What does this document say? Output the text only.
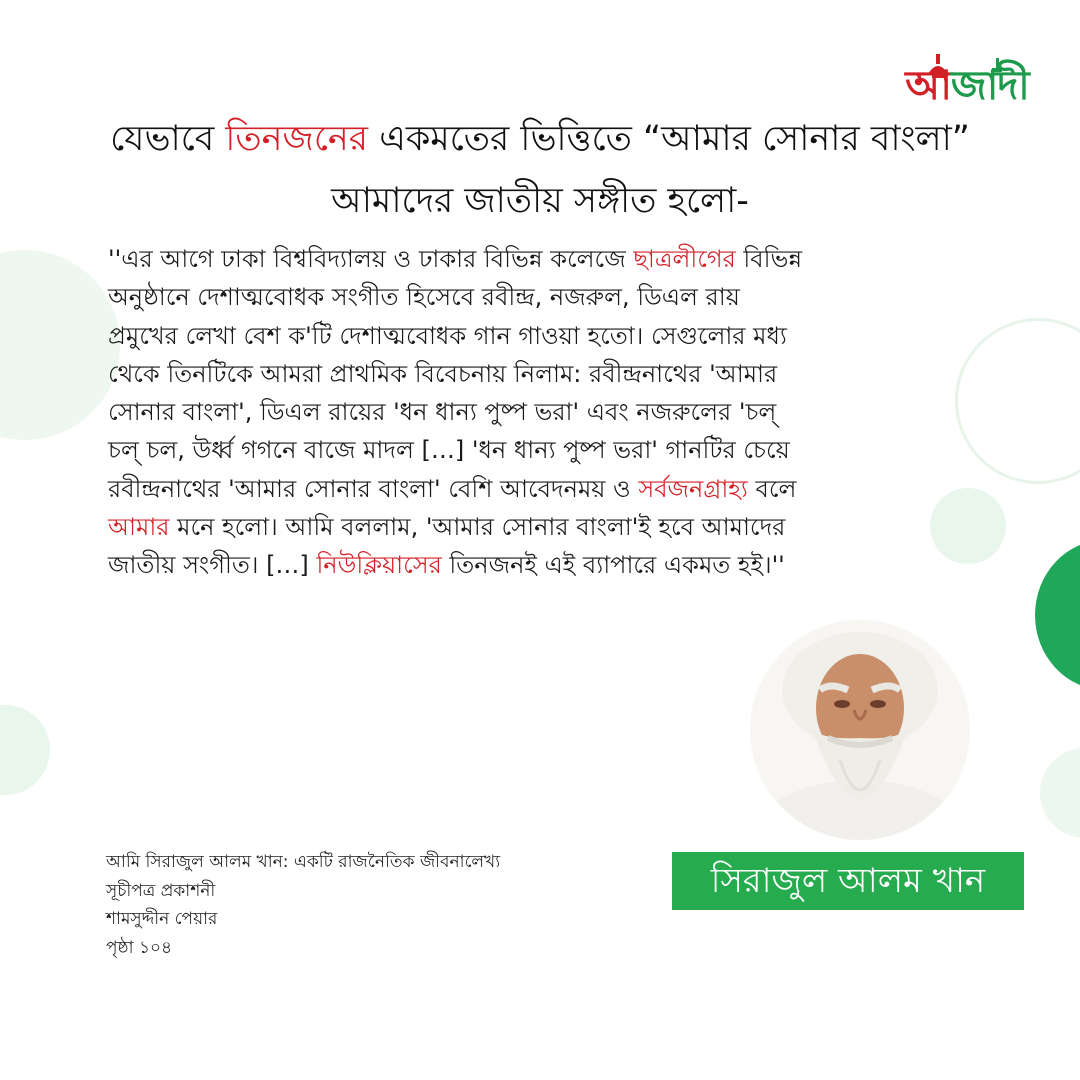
আজাদী
যেভাবে তিনজনের একমতের ভিত্তিতে “আমার সোনার বাংলা” আমাদের জাতীয় সঙ্গীত হলো-
''এর আগে ঢাকা বিশ্ববিদ্যালয় ও ঢাকার বিভিন্ন কলেজে ছাত্রলীগের বিভিন্ন অনুষ্ঠানে দেশাত্মবোধক সংগীত হিসেবে রবীন্দ্র, নজরুল, ডিএল রায় প্রমুখের লেখা বেশ ক'টি দেশাত্মবোধক গান গাওয়া হতো। সেগুলোর মধ্য থেকে তিনটিকে আমরা প্রাথমিক বিবেচনায় নিলাম: রবীন্দ্রনাথের 'আমার সোনার বাংলা', ডিএল রায়ের 'ধন ধান্য পুষ্প ভরা' এবং নজরুলের 'চল্ চল্ চল, উর্ধ্ব গগনে বাজে মাদল […] 'ধন ধান্য পুষ্প ভরা' গানটির চেয়ে রবীন্দ্রনাথের 'আমার সোনার বাংলা' বেশি আবেদনময় ও সর্বজনগ্রাহ্য বলে আমার মনে হলো। আমি বললাম, 'আমার সোনার বাংলা'ই হবে আমাদের জাতীয় সংগীত। […] নিউক্লিয়াসের তিনজনই এই ব্যাপারে একমত হই।''
সিরাজুল আলম খান
আমি সিরাজুল আলম খান: একটি রাজনৈতিক জীবনালেখ্য
সূচীপত্র প্রকাশনী
শামসুদ্দীন পেয়ার
পৃষ্ঠা ১০৪
